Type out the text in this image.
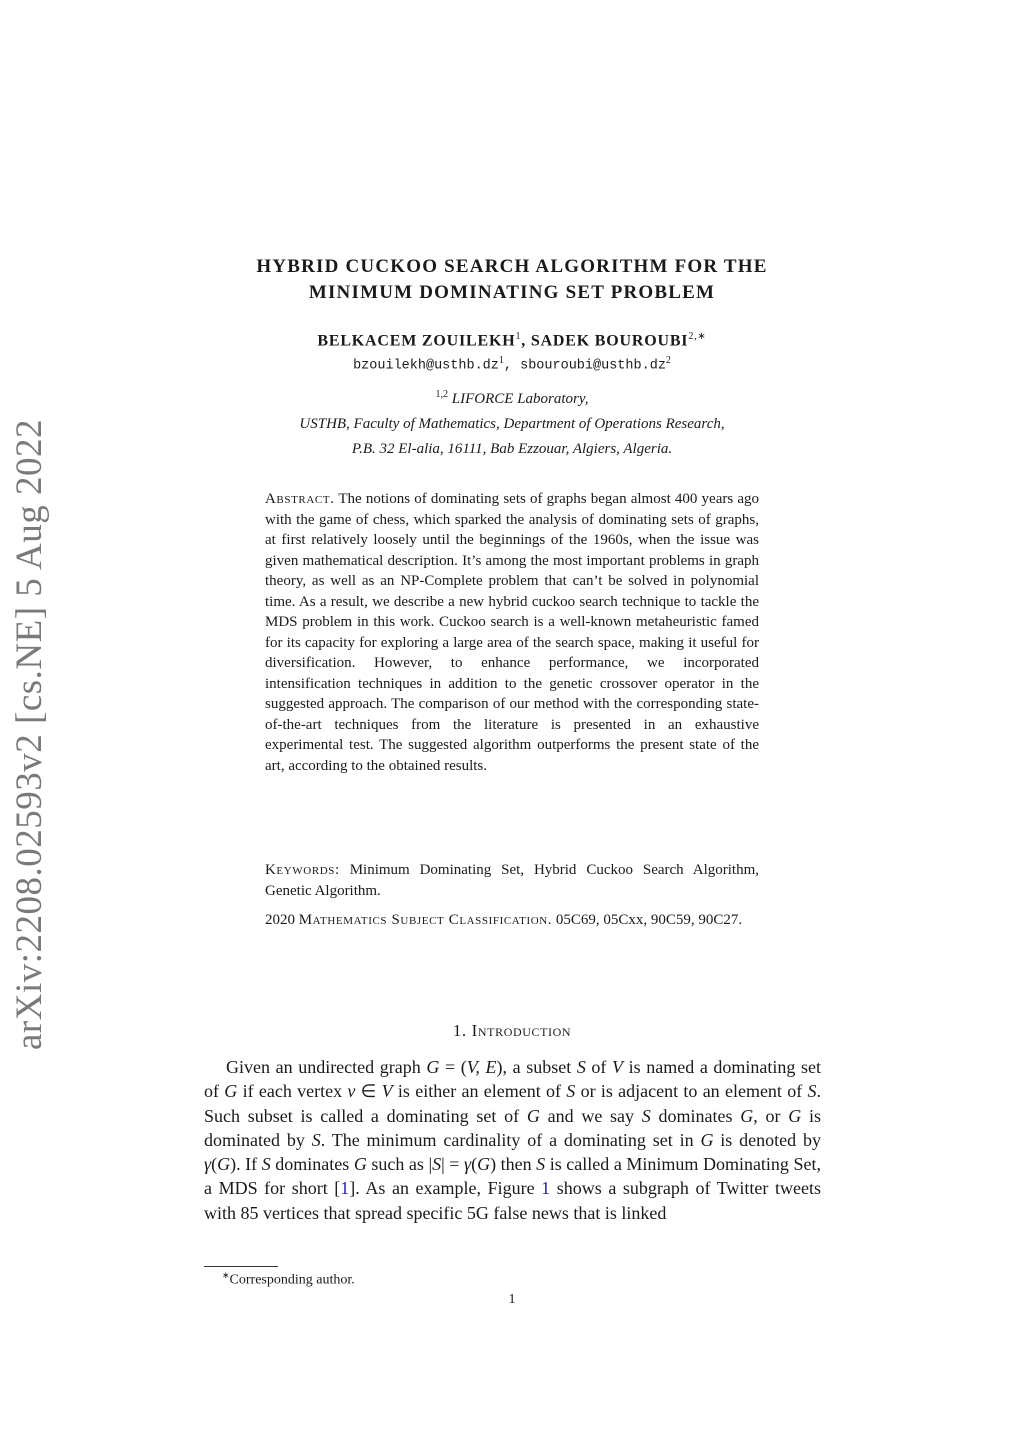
arXiv:2208.02593v2 [cs.NE] 5 Aug 2022
HYBRID CUCKOO SEARCH ALGORITHM FOR THE
MINIMUM DOMINATING SET PROBLEM
BELKACEM ZOUILEKH$^1$, SADEK $BOUROUBI^{2,∗}$
$bzouilekh@usthb.dz^1$, $sbouroubi@usthb.dz^2$
$^{1,2}$ LIFORCE Laboratory,
USTHB, Faculty of Mathematics, Department of Operations Research,
P.B. 32 El-alia, 16111, Bab Ezzouar, Algiers, Algeria.
Abstract. The notions of dominating sets of graphs began almost 400 years ago with the game of chess, which sparked the analysis of dominating sets of graphs, at first relatively loosely until the beginnings of the 1960s, when the issue was given mathematical description. It’s among the most important problems in graph theory, as well as an NP-Complete problem that can’t be solved in polynomial time. As a result, we describe a new hybrid cuckoo search technique to tackle the MDS problem in this work. Cuckoo search is a well-known metaheuristic famed for its capacity for exploring a large area of the search space, making it useful for diversification. However, to enhance performance, we incorporated intensification techniques in addition to the genetic crossover operator in the suggested approach. The comparison of our method with the corresponding state-of-the-art techniques from the literature is presented in an exhaustive experimental test. The suggested algorithm outperforms the present state of the art, according to the obtained results.
Keywords: Minimum Dominating Set, Hybrid Cuckoo Search Algorithm, Genetic Algorithm.
2020 Mathematics Subject Classification. 05C69, 05Cxx, 90C59, 90C27.
1. Introduction
Given an undirected graph G = (V, E), a subset S of V is named a dominating set of G if each vertex v ∈ V is either an element of S or is adjacent to an element of S. Such subset is called a dominating set of G and we say S dominates G, or G is dominated by S. The minimum cardinality of a dominating set in G is denoted by γ(G). If S dominates G such as |S| = γ(G) then S is called a Minimum Dominating Set, a MDS for short [1]. As an example, Figure 1 shows a subgraph of Twitter tweets with 85 vertices that spread specific 5G false news that is linked
∗Corresponding author.
1
